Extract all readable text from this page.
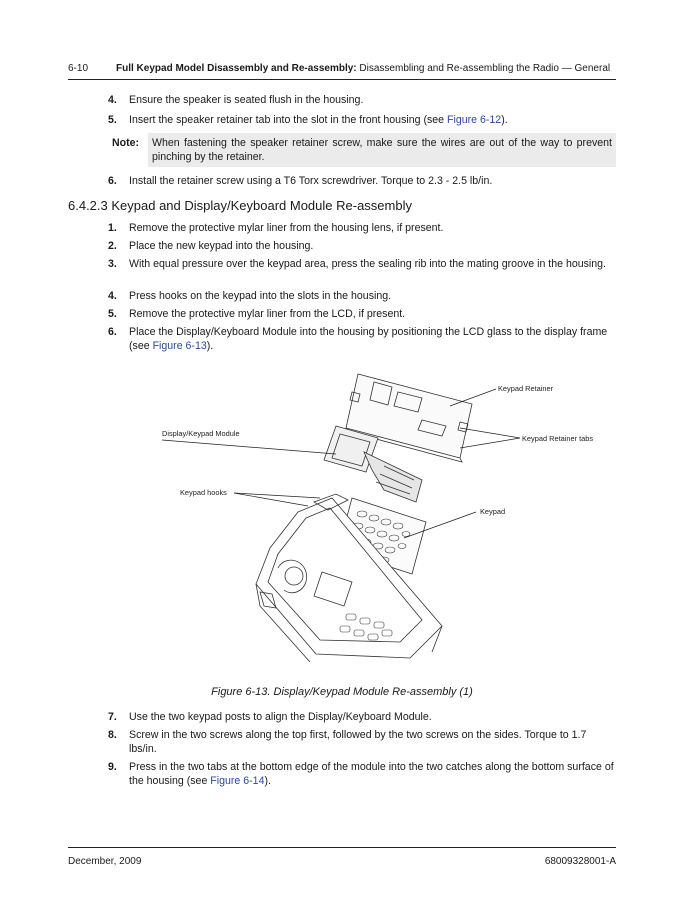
6-10	Full Keypad Model Disassembly and Re-assembly: Disassembling and Re-assembling the Radio — General
4.	Ensure the speaker is seated flush in the housing.
5.	Insert the speaker retainer tab into the slot in the front housing (see Figure 6-12).
Note:	When fastening the speaker retainer screw, make sure the wires are out of the way to prevent pinching by the retainer.
6.	Install the retainer screw using a T6 Torx screwdriver. Torque to 2.3 - 2.5 lb/in.
6.4.2.3 Keypad and Display/Keyboard Module Re-assembly
1.	Remove the protective mylar liner from the housing lens, if present.
2.	Place the new keypad into the housing.
3.	With equal pressure over the keypad area, press the sealing rib into the mating groove in the housing.
4.	Press hooks on the keypad into the slots in the housing.
5.	Remove the protective mylar liner from the LCD, if present.
6.	Place the Display/Keyboard Module into the housing by positioning the LCD glass to the display frame (see Figure 6-13).
Keypad Retainer
Display/Keypad Module
Keypad Retainer tabs
Keypad hooks
Keypad
Figure 6-13. Display/Keypad Module Re-assembly (1)
7.	Use the two keypad posts to align the Display/Keyboard Module.
8.	Screw in the two screws along the top first, followed by the two screws on the sides. Torque to 1.7 lbs/in.
9.	Press in the two tabs at the bottom edge of the module into the two catches along the bottom surface of the housing (see Figure 6-14).
December, 2009	68009328001-A
